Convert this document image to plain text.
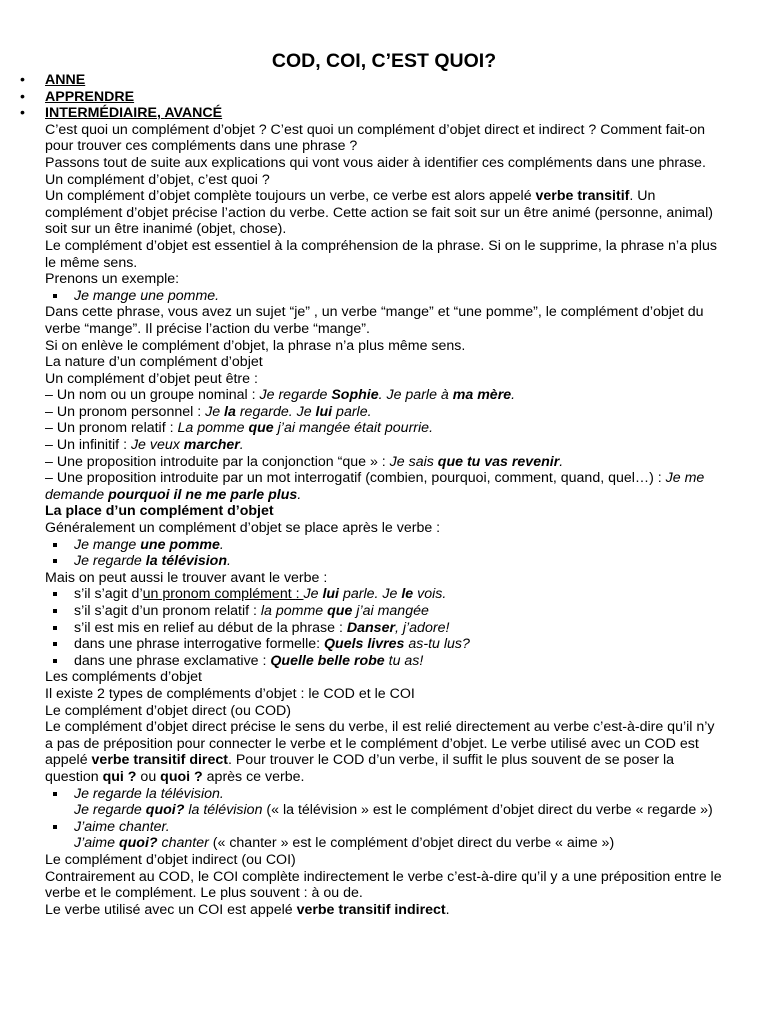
COD, COI, C’EST QUOI?
• ANNE
• APPRENDRE
• INTERMÉDIAIRE, AVANCÉ

C’est quoi un complément d’objet ? C’est quoi un complément d’objet direct et indirect ? Comment fait-on pour trouver ces compléments dans une phrase ?

Passons tout de suite aux explications qui vont vous aider à identifier ces compléments dans une phrase.

Un complément d’objet, c’est quoi ?

Un complément d’objet complète toujours un verbe, ce verbe est alors appelé verbe transitif. Un complément d’objet précise l’action du verbe. Cette action se fait soit sur un être animé (personne, animal) soit sur un être inanimé (objet, chose).

Le complément d’objet est essentiel à la compréhension de la phrase. Si on le supprime, la phrase n’a plus le même sens.

Prenons un exemple:

Je mange une pomme.

Dans cette phrase, vous avez un sujet “je” , un verbe “mange” et “une pomme”, le complément d’objet du verbe “mange”. Il précise l’action du verbe “mange”.

Si on enlève le complément d’objet, la phrase n’a plus même sens.

La nature d’un complément d’objet

Un complément d’objet peut être :

– Un nom ou un groupe nominal : Je regarde Sophie. Je parle à ma mère.

– Un pronom personnel : Je la regarde. Je lui parle.

– Un pronom relatif : La pomme que j’ai mangée était pourrie.

– Un infinitif : Je veux marcher.

– Une proposition introduite par la conjonction “que » : Je sais que tu vas revenir.

– Une proposition introduite par un mot interrogatif (combien, pourquoi, comment, quand, quel…) : Je me demande pourquoi il ne me parle plus.

La place d’un complément d’objet

Généralement un complément d’objet se place après le verbe :

Je mange une pomme.
Je regarde la télévision.

Mais on peut aussi le trouver avant le verbe :

s’il s’agit d’un pronom complément : Je lui parle. Je le vois.
s’il s’agit d’un pronom relatif : la pomme que j’ai mangée
s’il est mis en relief au début de la phrase : Danser, j’adore!
dans une phrase interrogative formelle: Quels livres as-tu lus?
dans une phrase exclamative : Quelle belle robe tu as!

Les compléments d’objet

Il existe 2 types de compléments d’objet : le COD et le COI

Le complément d’objet direct (ou COD)

Le complément d’objet direct précise le sens du verbe, il est relié directement au verbe c’est-à-dire qu’il n’y a pas de préposition pour connecter le verbe et le complément d’objet. Le verbe utilisé avec un COD est appelé verbe transitif direct. Pour trouver le COD d’un verbe, il suffit le plus souvent de se poser la question qui ? ou quoi ? après ce verbe.

Je regarde la télévision.
Je regarde quoi? la télévision (« la télévision » est le complément d’objet direct du verbe « regarde »)
J’aime chanter.
J’aime quoi? chanter (« chanter » est le complément d’objet direct du verbe « aime »)

Le complément d’objet indirect (ou COI)

Contrairement au COD, le COI complète indirectement le verbe c’est-à-dire qu’il y a une préposition entre le verbe et le complément. Le plus souvent : à ou de.

Le verbe utilisé avec un COI est appelé verbe transitif indirect.
